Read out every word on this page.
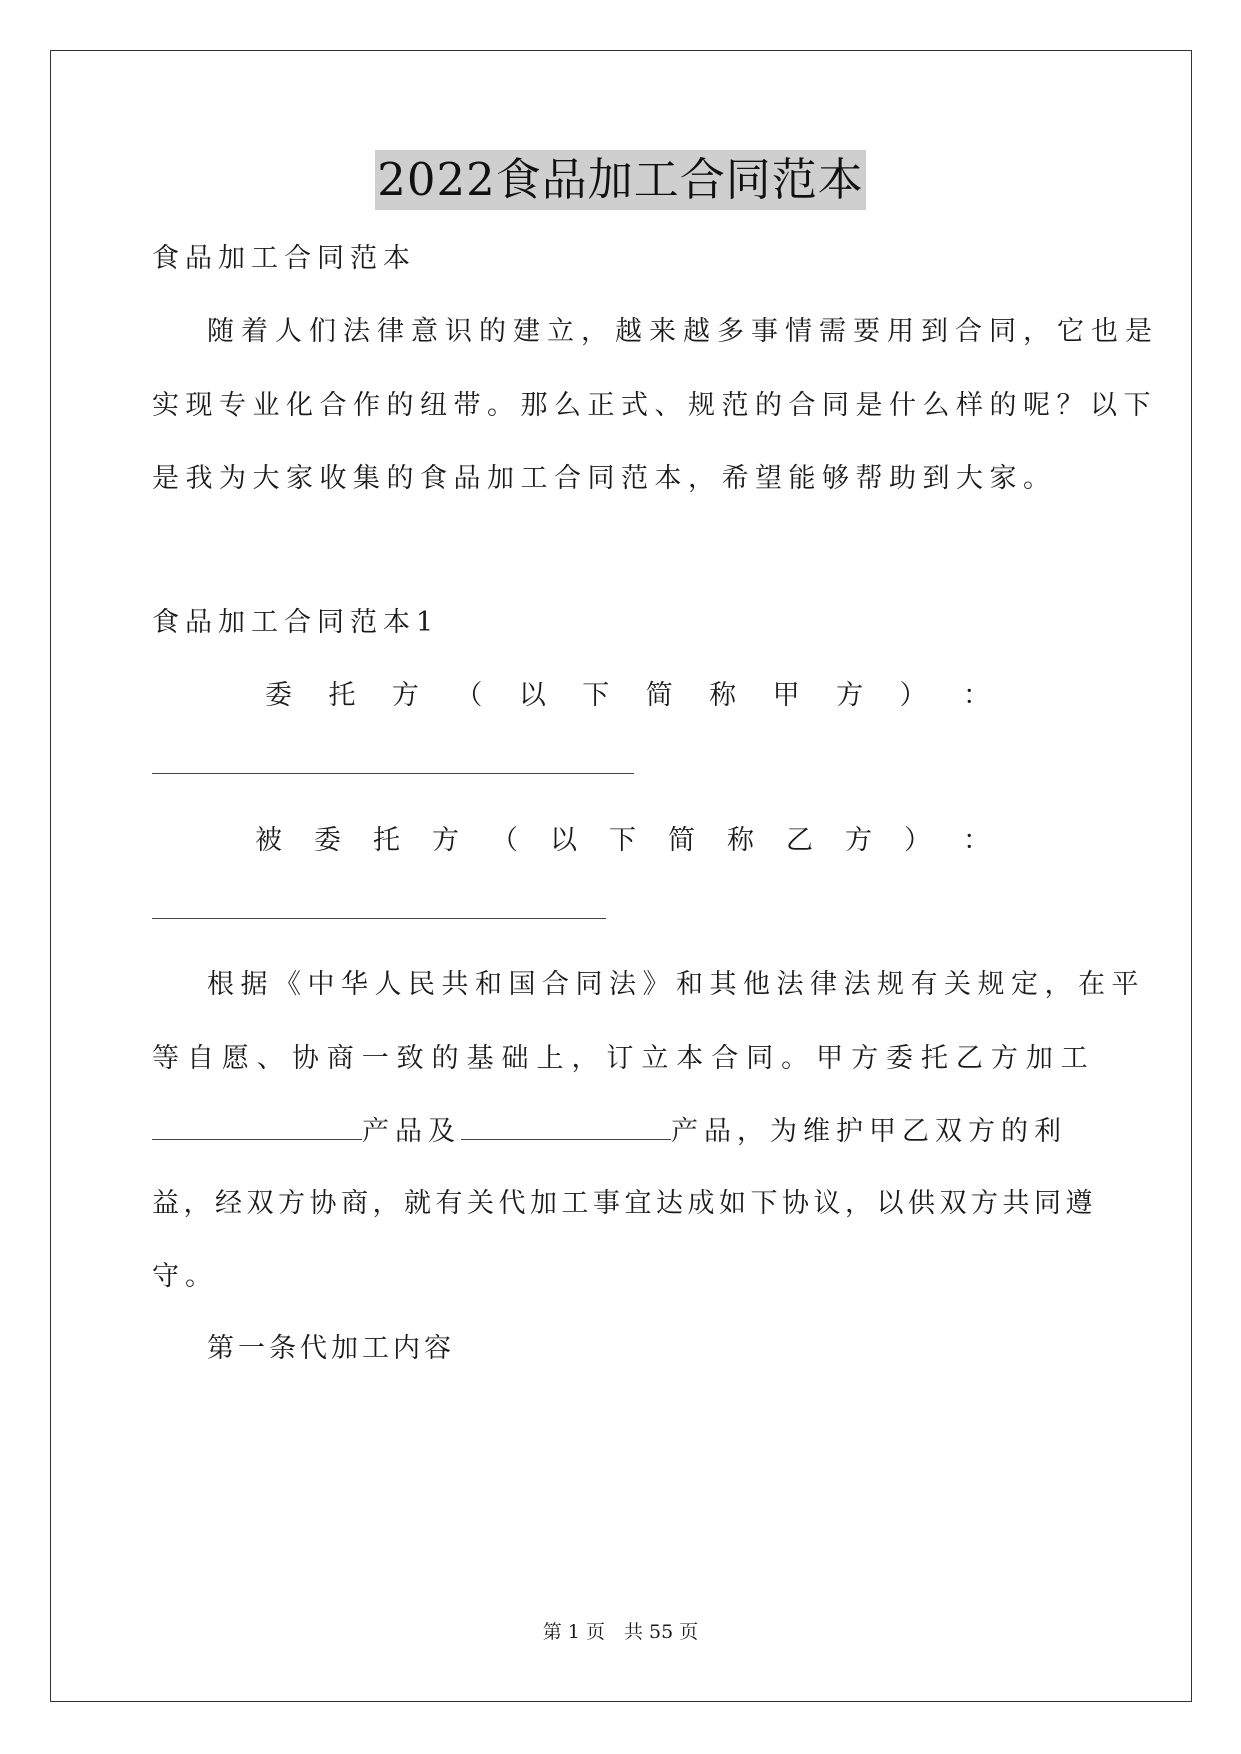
2022食品加工合同范本
食品加工合同范本
随着人们法律意识的建立，越来越多事情需要用到合同，它也是
实现专业化合作的纽带。那么正式、规范的合同是什么样的呢？以下
是我为大家收集的食品加工合同范本，希望能够帮助到大家。
食品加工合同范本1
委 托 方 （ 以 下 简 称 甲 方 ） ：
被 委 托 方 （ 以 下 简 称 乙 方 ） ：
根据《中华人民共和国合同法》和其他法律法规有关规定，在平
等 自 愿 、 协 商 一 致 的 基 础 上 ， 订 立 本 合 同 。 甲 方 委 托 乙 方 加 工
产品及	产品，为维护甲乙双方的利
益，经双方协商，就有关代加工事宜达成如下协议，以供双方共同遵
守。
第一条代加工内容
第 1 页　共 55 页
